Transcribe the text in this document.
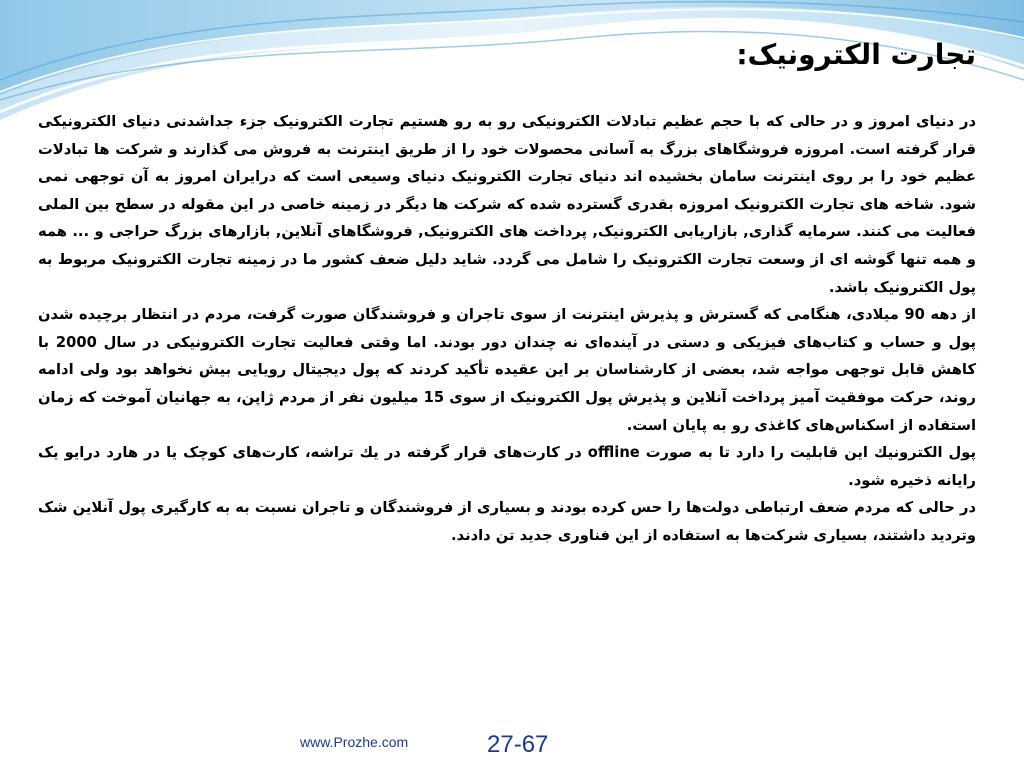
تجارت الکترونیک:

در دنیای امروز و در حالی که با حجم عظیم تبادلات الکترونیکی رو به رو هستیم تجارت الکترونیک جزء جداشدنی دنیای الکترونیکی قرار گرفته است. امروزه فروشگاهای بزرگ به آسانی محصولات خود را از طریق اینترنت به فروش می گذارند و شرکت ها تبادلات عظیم خود را بر روی اینترنت سامان بخشیده اند دنیای تجارت الکترونیک دنیای وسیعی است که درایران امروز به آن توجهی نمی شود. شاخه های تجارت الکترونیک امروزه بقدری گسترده شده که شرکت ها دیگر در زمینه خاصی در این مقوله در سطح بین الملی فعالیت می کنند. سرمایه گذاری, بازاریابی الکترونیک, پرداخت های الکترونیک, فروشگاهای آنلاین, بازارهای بزرگ حراجی و ... همه و همه تنها گوشه ای از وسعت تجارت الکترونیک را شامل می گردد. شاید دلیل ضعف کشور ما در زمینه تجارت الکترونیک مربوط به پول الکترونیک باشد.

از دهه 90 میلادی، هنگامی که گسترش و پذیرش اینترنت از سوی تاجران و فروشندگان صورت گرفت، مردم در انتظار برچیده شدن پول و حساب و کتاب‌های فیزیکی و دستی در آینده‌ای نه چندان دور بودند. اما وقتی فعالیت تجارت الکترونیکی در سال 2000 با کاهش قابل توجهی مواجه شد، بعضی از کارشناسان بر این عقیده تأکید کردند که پول دیجیتال رویایی بیش نخواهد بود ولی ادامه روند، حرکت موفقیت آمیز پرداخت آنلاین و پذیرش پول الکترونیک از سوی 15 میلیون نفر از مردم ژاپن، به جهانیان آموخت که زمان استفاده از اسکناس‌های کاغذی رو به پایان است.

پول الكترونيك اين قابليت را دارد تا به صورت offline در کارت‌های قرار گرفته در يك تراشه، کارت‌های کوچک یا در هارد درایو یک رایانه ذخیره شود.

در حالی که مردم ضعف ارتباطی دولت‌ها را حس کرده بودند و بسیاری از فروشندگان و تاجران نسبت به به کارگیری پول آنلاین شک وتردید داشتند، بسیاری شرکت‌ها به استفاده از این فناوری جدید تن دادند.

www.Prozhe.com	27-67
